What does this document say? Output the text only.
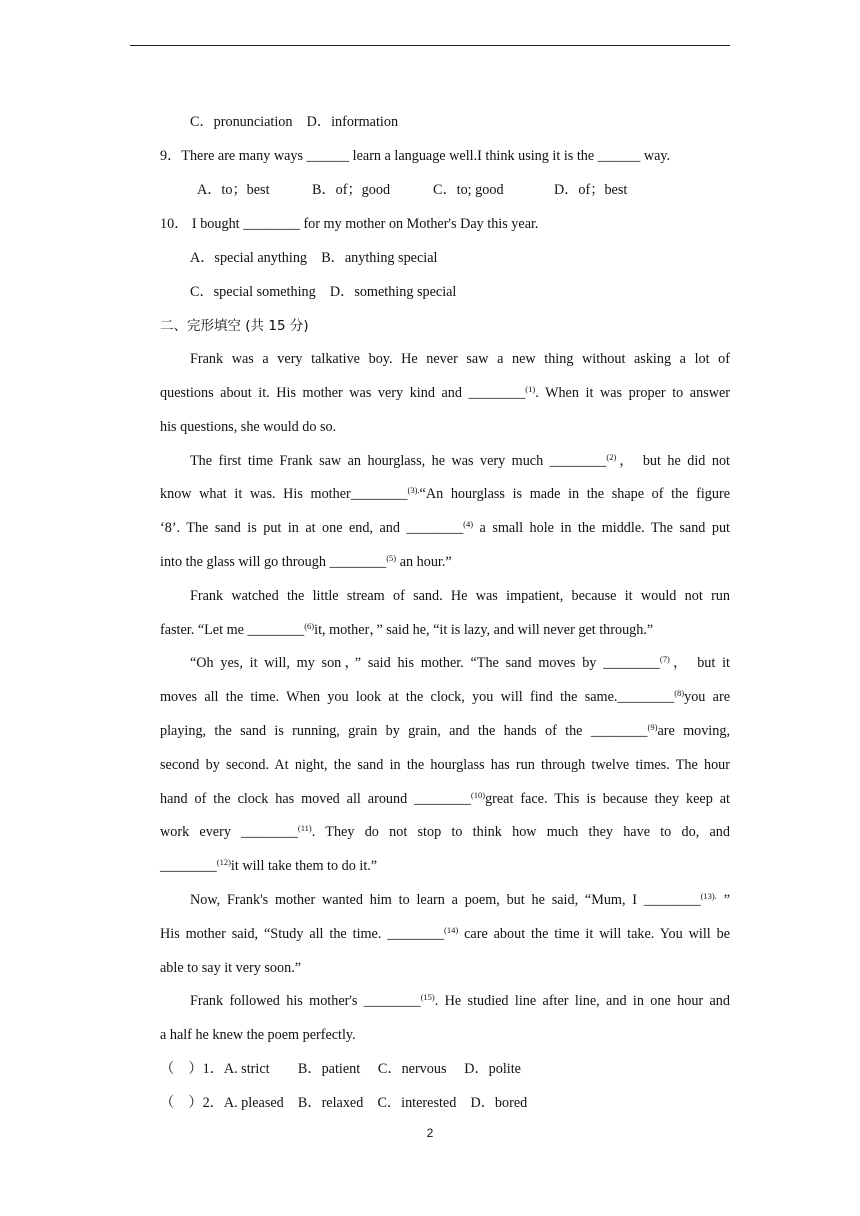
C．pronunciation　D．information
9．There are many ways ______ learn a language well.I think using it is the ______ way.
A．to；best	B．of；good	C．to; good	D．of；best
10． I bought ________ for my mother on Mother's Day this year.
A．special anything　B．anything special
C．special something　D．something special
二、完形填空 (共 15 分)
Frank was a very talkative boy. He never saw a new thing without asking a lot of
questions about it. His mother was very kind and ________$^{(1)}$. When it was proper to answer
his questions, she would do so.
The first time Frank saw an hourglass, he was very much ________$^{(2)}$， but he did not
know what it was. His mother________$^{(3).}$“An hourglass is made in the shape of the figure
‘8’. The sand is put in at one end, and ________$^{(4)}$ a small hole in the middle. The sand put
into the glass will go through ________$^{(5)}$ an hour.”
Frank watched the little stream of sand. He was impatient, because it would not run
faster. “Let me ________$^{(6)}$it, mother，” said he, “it is lazy, and will never get through.”
“Oh yes, it will, my son，” said his mother. “The sand moves by ________$^{(7)}$， but it
moves all the time. When you look at the clock, you will find the same.________$^{(8)}$you are
playing, the sand is running, grain by grain, and the hands of the ________$^{(9)}$are moving,
second by second. At night, the sand in the hourglass has run through twelve times. The hour
hand of the clock has moved all around ________$^{(10)}$great face. This is because they keep at
work every ________$^{(11)}$. They do not stop to think how much they have to do, and
________$^{(12)}$it will take them to do it.”
Now, Frank's mother wanted him to learn a poem, but he said, “Mum, I ________$^{(13).}$ ”
His mother said, “Study all the time. ________$^{(14)}$ care about the time it will take. You will be
able to say it very soon.”
Frank followed his mother's ________$^{(15)}$. He studied line after line, and in one hour and
a half he knew the poem perfectly.
（　）1．A. strict　　B．patient　 C．nervous　 D．polite
（　）2．A. pleased　B．relaxed　C．interested　D．bored
2
